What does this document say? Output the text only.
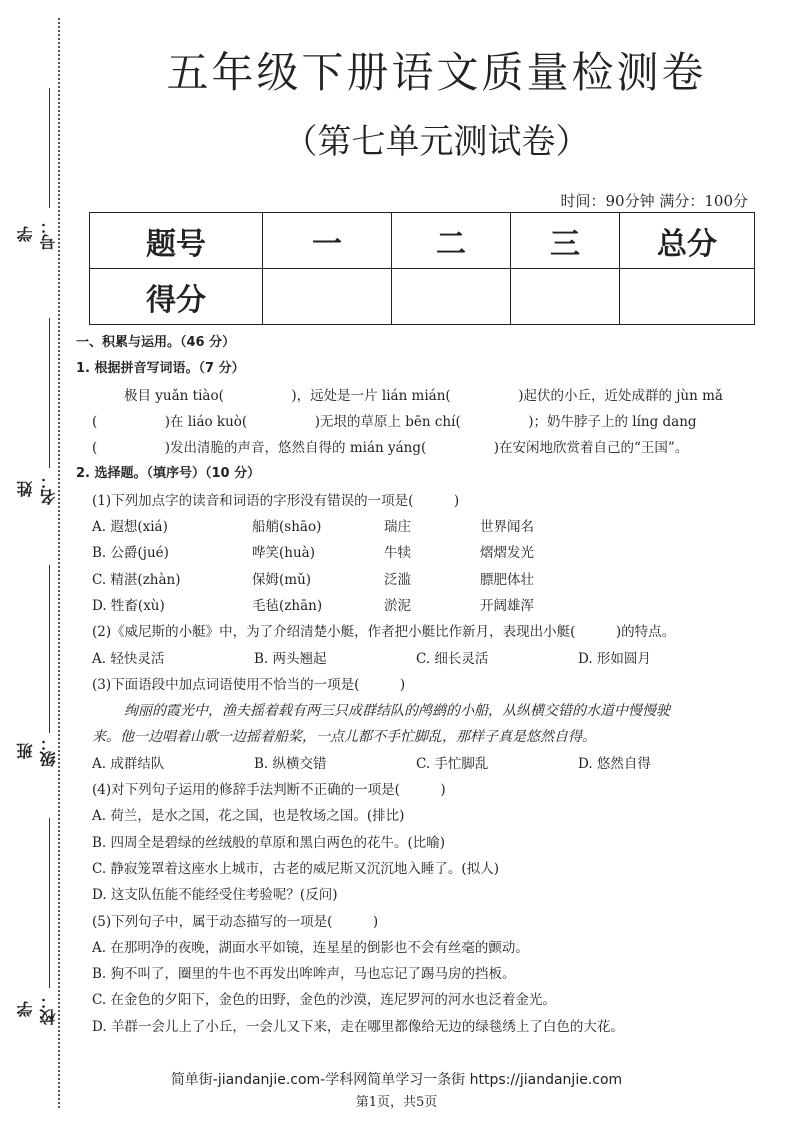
学号：
姓名：
班级：
学校：
五年级下册语文质量检测卷
（第七单元测试卷）
时间：90分钟 满分：100分
题号	一	二	三	总分
得分				
一、积累与运用。（46 分）
1. 根据拼音写词语。（7 分）
极目 yuǎn tiào(　　　　　)，远处是一片 lián mián(　　　　　)起伏的小丘，近处成群的 jùn mǎ
(　　　　　)在 liáo kuò(　　　　　)无垠的草原上 bēn chí(　　　　　)；奶牛脖子上的 líng dang
(　　　　　)发出清脆的声音，悠然自得的 mián yáng(　　　　　)在安闲地欣赏着自己的“王国”。
2. 选择题。（填序号）（10 分）
(1)下列加点字的读音和词语的字形没有错误的一项是(　　　)
A. 遐想(xiá)	船艄(shāo)	瑞庄	世界闻名
B. 公爵(jué)	哗笑(huà)	牛犊	熠熠发光
C. 精湛(zhàn)	保姆(mǔ)	泛滥	膘肥体壮
D. 牲畜(xù)	毛毡(zhān)	淤泥	开阔雄浑
(2)《威尼斯的小艇》中，为了介绍清楚小艇，作者把小艇比作新月，表现出小艇(　　　)的特点。
A. 轻快灵活	B. 两头翘起	C. 细长灵活	D. 形如圆月
(3)下面语段中加点词语使用不恰当的一项是(　　　)
绚丽的霞光中，渔夫摇着载有两三只成群结队的鸬鹚的小船，从纵横交错的水道中慢慢驶
来。他一边唱着山歌一边摇着船桨，一点儿都不手忙脚乱，那样子真是悠然自得。
A. 成群结队	B. 纵横交错	C. 手忙脚乱	D. 悠然自得
(4)对下列句子运用的修辞手法判断不正确的一项是(　　　)
A. 荷兰，是水之国，花之国，也是牧场之国。(排比)
B. 四周全是碧绿的丝绒般的草原和黑白两色的花牛。(比喻)
C. 静寂笼罩着这座水上城市，古老的威尼斯又沉沉地入睡了。(拟人)
D. 这支队伍能不能经受住考验呢？(反问)
(5)下列句子中，属于动态描写的一项是(　　　)
A. 在那明净的夜晚，湖面水平如镜，连星星的倒影也不会有丝毫的颤动。
B. 狗不叫了，圈里的牛也不再发出哞哞声，马也忘记了踢马房的挡板。
C. 在金色的夕阳下，金色的田野，金色的沙漠，连尼罗河的河水也泛着金光。
D. 羊群一会儿上了小丘，一会儿又下来，走在哪里都像给无边的绿毯绣上了白色的大花。
简单街-jiandanjie.com-学科网简单学习一条街 https://jiandanjie.com
第1页，共5页
